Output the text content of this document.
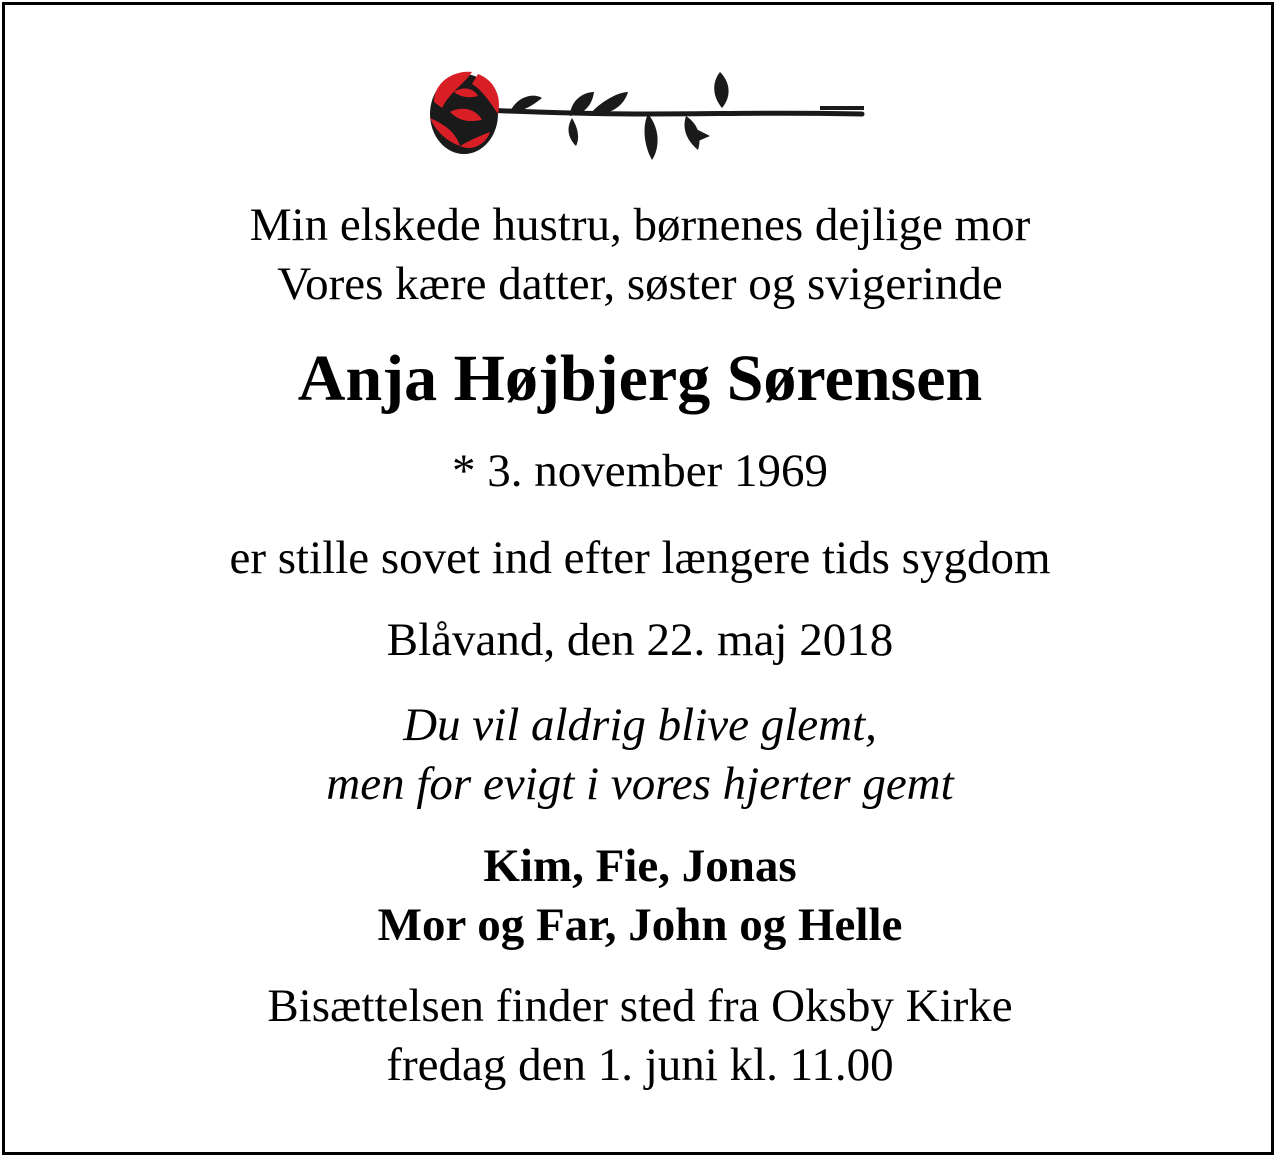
Min elskede hustru, børnenes dejlige mor
Vores kære datter, søster og svigerinde
Anja Højbjerg Sørensen
* 3. november 1969
er stille sovet ind efter længere tids sygdom
Blåvand, den 22. maj 2018
Du vil aldrig blive glemt,
men for evigt i vores hjerter gemt
Kim, Fie, Jonas
Mor og Far, John og Helle
Bisættelsen finder sted fra Oksby Kirke
fredag den 1. juni kl. 11.00
